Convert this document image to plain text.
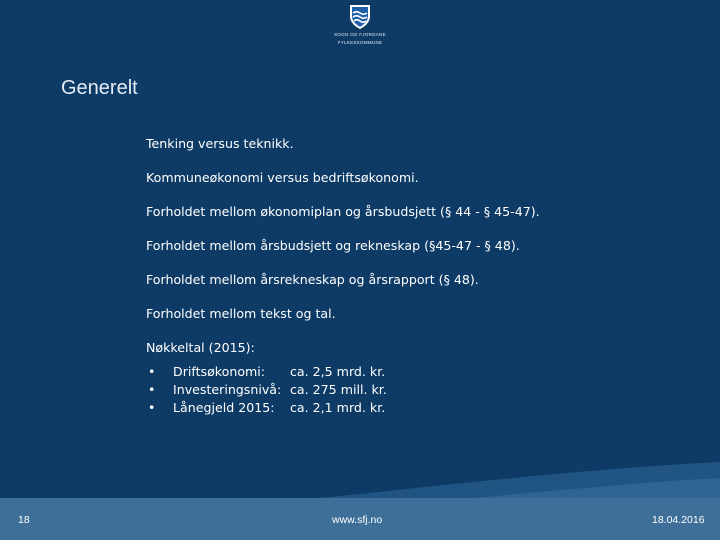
SOGN OG FJORDANE
FYLKESKOMMUNE
Generelt
Tenking versus teknikk.
Kommuneøkonomi versus bedriftsøkonomi.
Forholdet mellom økonomiplan og årsbudsjett (§ 44 - § 45-47).
Forholdet mellom årsbudsjett og rekneskap (§45-47 - § 48).
Forholdet mellom årsrekneskap og årsrapport (§ 48).
Forholdet mellom tekst og tal.
Nøkkeltal (2015):
•	Driftsøkonomi:	ca. 2,5 mrd. kr.
•	Investeringsnivå: ca. 275 mill. kr.
•	Lånegjeld 2015:	ca. 2,1 mrd. kr.
18	www.sfj.no	18.04.2016
